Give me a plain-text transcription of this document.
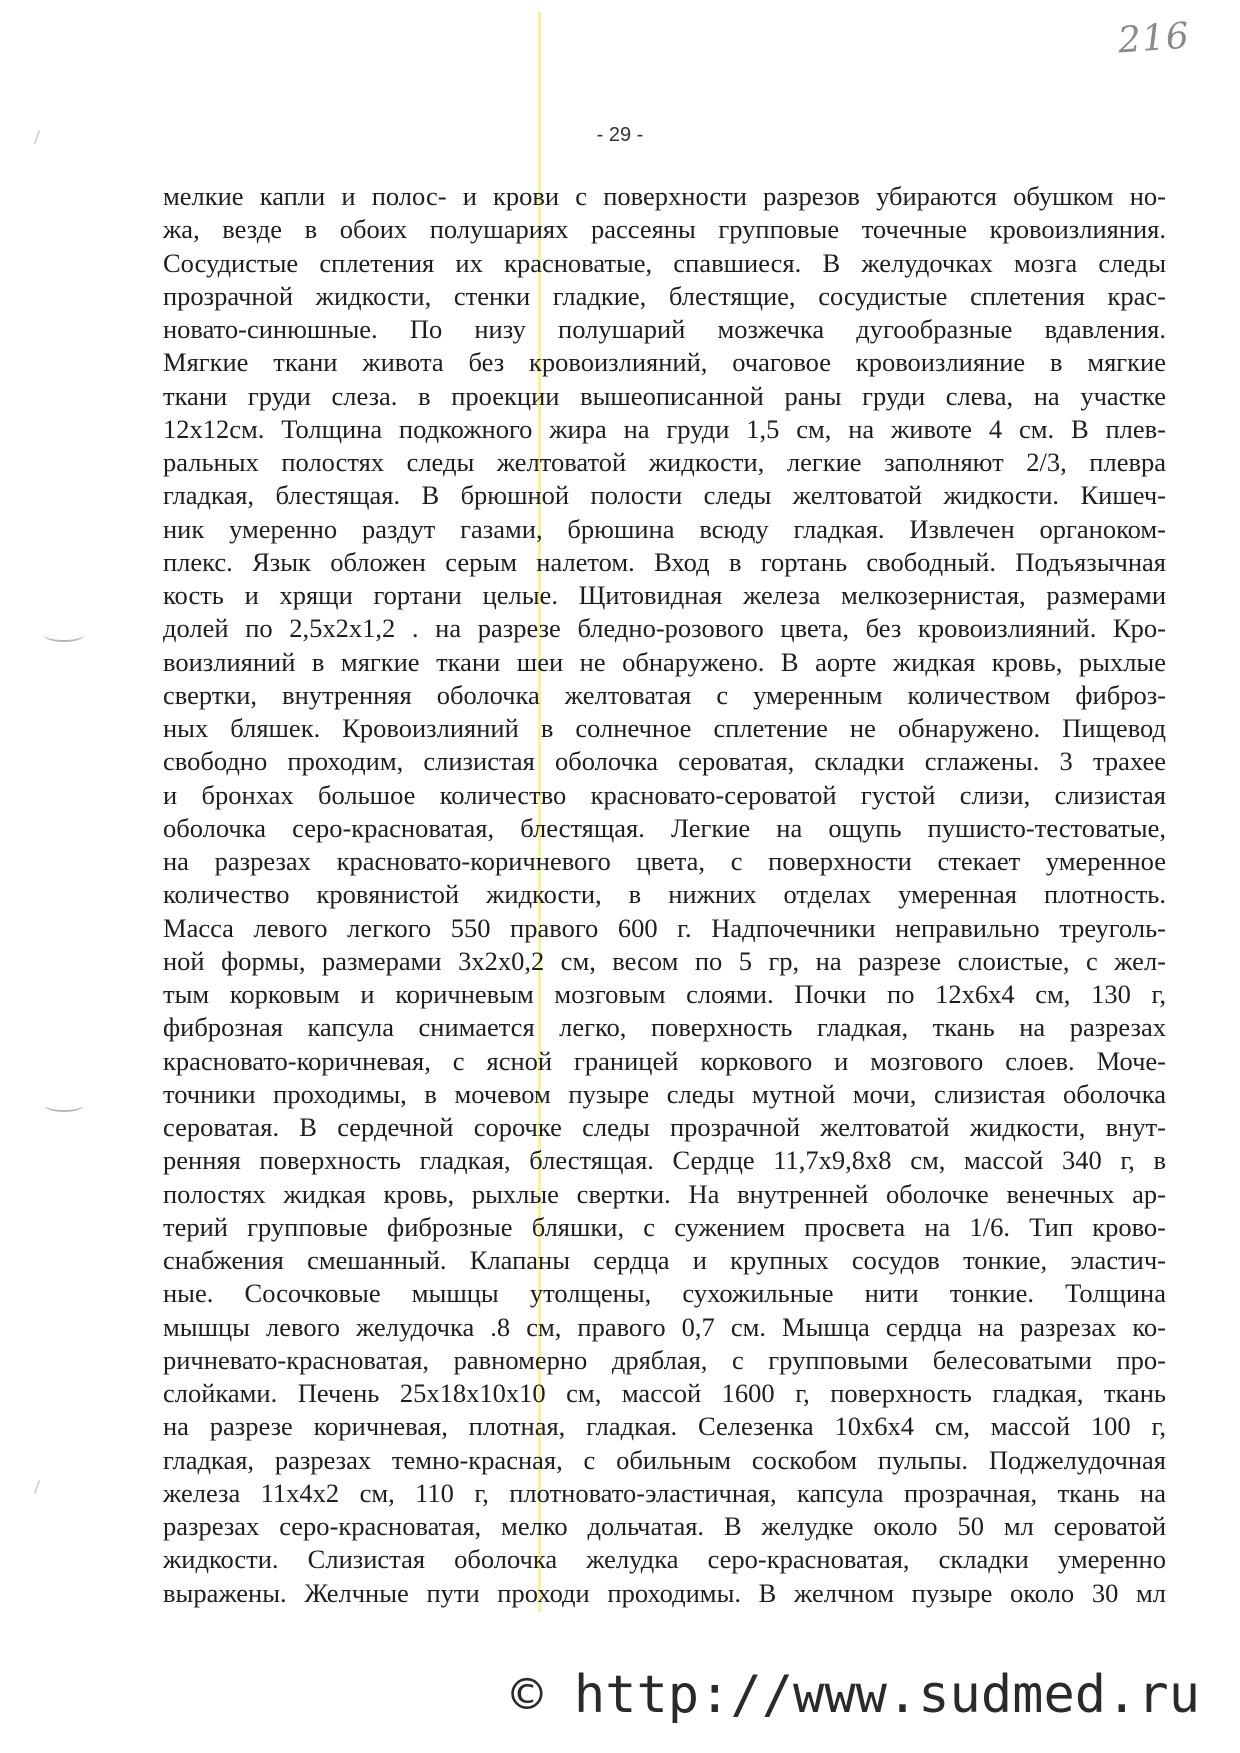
216
- 29 -
мелкие капли и полос- и крови с поверхности разрезов убираются обушком но-
жа, везде в обоих полушариях рассеяны групповые точечные кровоизлияния.
Сосудистые сплетения их красноватые, спавшиеся. В желудочках мозга следы
прозрачной жидкости, стенки гладкие, блестящие, сосудистые сплетения крас-
новато-синюшные. По низу полушарий мозжечка дугообразные вдавления.
Мягкие ткани живота без кровоизлияний, очаговое кровоизлияние в мягкие
ткани груди слеза. в проекции вышеописанной раны груди слева, на участке
12х12см. Толщина подкожного жира на груди 1,5 см, на животе 4 см. В плев-
ральных полостях следы желтоватой жидкости, легкие заполняют 2/3, плевра
гладкая, блестящая. В брюшной полости следы желтоватой жидкости. Кишеч-
ник умеренно раздут газами, брюшина всюду гладкая. Извлечен органоком-
плекс. Язык обложен серым налетом. Вход в гортань свободный. Подъязычная
кость и хрящи гортани целые. Щитовидная железа мелкозернистая, размерами
долей по 2,5х2х1,2 . на разрезе бледно-розового цвета, без кровоизлияний. Кро-
воизлияний в мягкие ткани шеи не обнаружено. В аорте жидкая кровь, рыхлые
свертки, внутренняя оболочка желтоватая с умеренным количеством фиброз-
ных бляшек. Кровоизлияний в солнечное сплетение не обнаружено. Пищевод
свободно проходим, слизистая оболочка сероватая, складки сглажены. 3 трахее
и бронхах большое количество красновато-сероватой густой слизи, слизистая
оболочка серо-красноватая, блестящая. Легкие на ощупь пушисто-тестоватые,
на разрезах красновато-коричневого цвета, с поверхности стекает умеренное
количество кровянистой жидкости, в нижних отделах умеренная плотность.
Масса левого легкого 550 правого 600 г. Надпочечники неправильно треуголь-
ной формы, размерами 3х2х0,2 см, весом по 5 гр, на разрезе слоистые, с жел-
тым корковым и коричневым мозговым слоями. Почки по 12х6х4 см, 130 г,
фиброзная капсула снимается легко, поверхность гладкая, ткань на разрезах
красновато-коричневая, с ясной границей коркового и мозгового слоев. Моче-
точники проходимы, в мочевом пузыре следы мутной мочи, слизистая оболочка
сероватая. В сердечной сорочке следы прозрачной желтоватой жидкости, внут-
ренняя поверхность гладкая, блестящая. Сердце 11,7х9,8х8 см, массой 340 г, в
полостях жидкая кровь, рыхлые свертки. На внутренней оболочке венечных ар-
терий групповые фиброзные бляшки, с сужением просвета на 1/6. Тип крово-
снабжения смешанный. Клапаны сердца и крупных сосудов тонкие, эластич-
ные. Сосочковые мышцы утолщены, сухожильные нити тонкие. Толщина
мышцы левого желудочка .8 см, правого 0,7 см. Мышца сердца на разрезах ко-
ричневато-красноватая, равномерно дряблая, с групповыми белесоватыми про-
слойками. Печень 25х18х10х10 см, массой 1600 г, поверхность гладкая, ткань
на разрезе коричневая, плотная, гладкая. Селезенка 10х6х4 см, массой 100 г,
гладкая, разрезах темно-красная, с обильным соскобом пульпы. Поджелудочная
железа 11х4х2 см, 110 г, плотновато-эластичная, капсула прозрачная, ткань на
разрезах серо-красноватая, мелко дольчатая. В желудке около 50 мл сероватой
жидкости. Слизистая оболочка желудка серо-красноватая, складки умеренно
выражены. Желчные пути проходи проходимы. В желчном пузыре около 30 мл
© http://www.sudmed.ru
